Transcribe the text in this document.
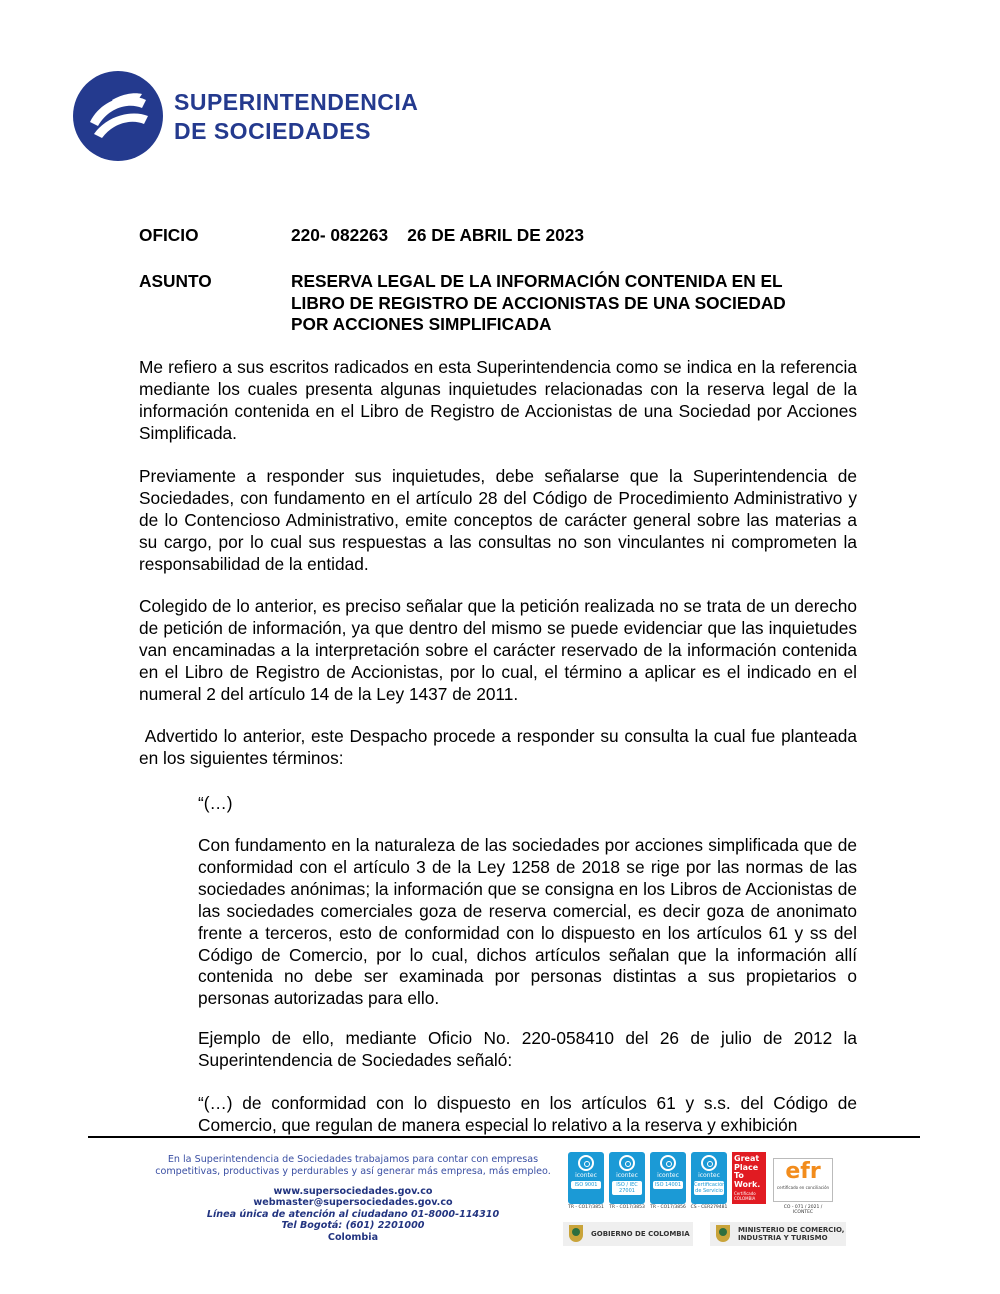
SUPERINTENDENCIA
DE SOCIEDADES
OFICIO	220- 082263    26 DE ABRIL DE 2023
ASUNTO	RESERVA LEGAL DE LA INFORMACIÓN CONTENIDA EN EL
LIBRO DE REGISTRO DE ACCIONISTAS DE UNA SOCIEDAD
POR ACCIONES SIMPLIFICADA
Me refiero a sus escritos radicados en esta Superintendencia como se indica en la referencia mediante los cuales presenta algunas inquietudes relacionadas con la reserva legal de la información contenida en el Libro de Registro de Accionistas de una Sociedad por Acciones Simplificada.
Previamente a responder sus inquietudes, debe señalarse que la Superintendencia de Sociedades, con fundamento en el artículo 28 del Código de Procedimiento Administrativo y de lo Contencioso Administrativo, emite conceptos de carácter general sobre las materias a su cargo, por lo cual sus respuestas a las consultas no son vinculantes ni comprometen la responsabilidad de la entidad.
Colegido de lo anterior, es preciso señalar que la petición realizada no se trata de un derecho de petición de información, ya que dentro del mismo se puede evidenciar que las inquietudes van encaminadas a la interpretación sobre el carácter reservado de la información contenida en el Libro de Registro de Accionistas, por lo cual, el término a aplicar es el indicado en el numeral 2 del artículo 14 de la Ley 1437 de 2011.
Advertido lo anterior, este Despacho procede a responder su consulta la cual fue planteada en los siguientes términos:
“(…)
Con fundamento en la naturaleza de las sociedades por acciones simplificada que de conformidad con el artículo 3 de la Ley 1258 de 2018 se rige por las normas de las sociedades anónimas; la información que se consigna en los Libros de Accionistas de las sociedades comerciales goza de reserva comercial, es decir goza de anonimato frente a terceros, esto de conformidad con lo dispuesto en los artículos 61 y ss del Código de Comercio, por lo cual, dichos artículos señalan que la información allí contenida no debe ser examinada por personas distintas a sus propietarios o personas autorizadas para ello.
Ejemplo de ello, mediante Oficio No. 220-058410 del 26 de julio de 2012 la Superintendencia de Sociedades señaló:
“(…) de conformidad con lo dispuesto en los artículos 61 y s.s. del Código de Comercio, que regulan de manera especial lo relativo a la reserva y exhibición
En la Superintendencia de Sociedades trabajamos para contar con empresas
competitivas, productivas y perdurables y así generar más empresa, más empleo.
www.supersociedades.gov.co
webmaster@supersociedades.gov.co
Línea única de atención al ciudadano 01-8000-114310
Tel Bogotá: (601) 2201000
Colombia
icontec
ISO 9001
TR - CO17/3851
icontec
ISO / IEC 27001
TR - CO17/3853
icontec
ISO 14001
TR - CO17/3856
icontec
Certificación de Servicio
CS - CER279481
Great
Place
To
Work.
Certificado
COLOMBIA
efr
certificado en conciliación
CO - 071 / 2021 / ICONTEC
GOBIERNO DE COLOMBIA	MINISTERIO DE COMERCIO,
INDUSTRIA Y TURISMO
